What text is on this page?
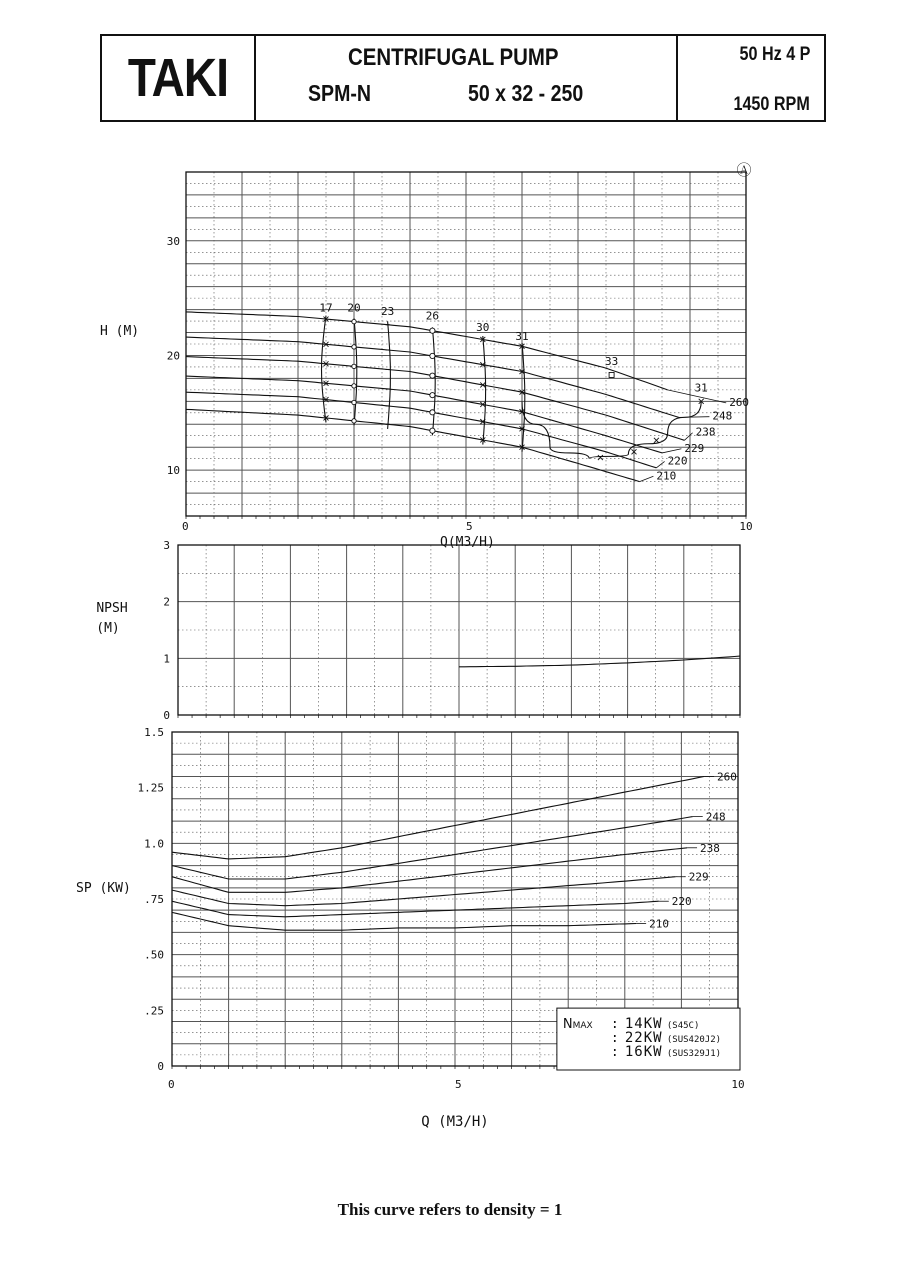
TAKI	CENTRIFUGAL PUMP
SPM-N	50 x 32 - 250
50 Hz 4 P
1450 RPM
10
20
30
0	5	10
H (M)
Q(M3/H)
Ⓐ
260
248
238
229
220
210
17 20 23	26
30
31
33
31
0
1
2
3
NPSH
(M)
0
.25
.50
.75
1.0
1.25
1.5
0	5	10
SP (KW)
Q (M3/H)
260
248
238
229
220
210
NMAX : 14KW (S45C)
: 22KW (SUS420J2)
: 16KW (SUS329J1)
This curve refers to density = 1
